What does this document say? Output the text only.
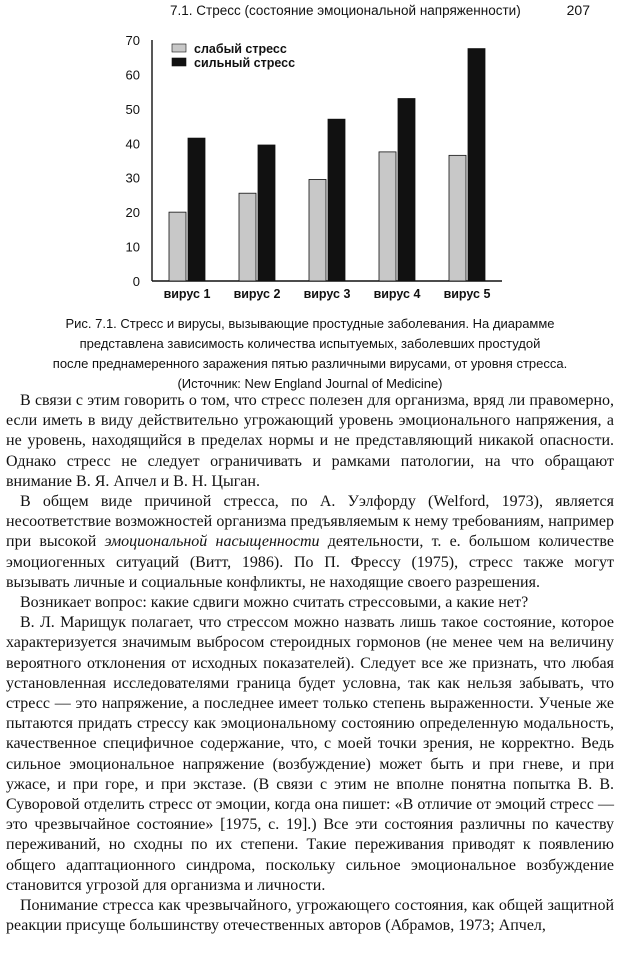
7.1. Стресс (состояние эмоциональной напряженности)	207
0
10
20
30
40
50
60
70
вирус 1 вирус 2 вирус 3 вирус 4 вирус 5
слабый стресс
сильный стресс
Рис. 7.1. Стресс и вирусы, вызывающие простудные заболевания. На диарамме
представлена зависимость количества испытуемых, заболевших простудой
после преднамеренного заражения пятью различными вирусами, от уровня стресса.
(Источник: New England Journal of Medicine)

В связи с этим говорить о том, что стресс полезен для организма, вряд ли правомерно, если иметь в виду действительно угрожающий уровень эмоционального напряжения, а не уровень, находящийся в пределах нормы и не представляющий никакой опасности. Однако стресс не следует ограничивать и рамками патологии, на что обращают внимание В. Я. Апчел и В. Н. Цыган.

В общем виде причиной стресса, по А. Уэлфорду (Welford, 1973), является несоответствие возможностей организма предъявляемым к нему требованиям, например при высокой эмоциональной насыщенности деятельности, т. е. большом количестве эмоциогенных ситуаций (Витт, 1986). По П. Фрессу (1975), стресс также могут вызывать личные и социальные конфликты, не находящие своего разрешения.

Возникает вопрос: какие сдвиги можно считать стрессовыми, а какие нет?

В. Л. Марищук полагает, что стрессом можно назвать лишь такое состояние, которое характеризуется значимым выбросом стероидных гормонов (не менее чем на величину вероятного отклонения от исходных показателей). Следует все же признать, что любая установленная исследователями граница будет условна, так как нельзя забывать, что стресс — это напряжение, а последнее имеет только степень выраженности. Ученые же пытаются придать стрессу как эмоциональному состоянию определенную модальность, качественное специфичное содержание, что, с моей точки зрения, не корректно. Ведь сильное эмоциональное напряжение (возбуждение) может быть и при гневе, и при ужасе, и при горе, и при экстазе. (В связи с этим не вполне понятна попытка В. В. Суворовой отделить стресс от эмоции, когда она пишет: «В отличие от эмоций стресс — это чрезвычайное состояние» [1975, с. 19].) Все эти состояния различны по качеству переживаний, но сходны по их степени. Такие переживания приводят к появлению общего адаптационного синдрома, поскольку сильное эмоциональное возбуждение становится угрозой для организма и личности.

Понимание стресса как чрезвычайного, угрожающего состояния, как общей защитной реакции присуще большинству отечественных авторов (Абрамов, 1973; Апчел,
